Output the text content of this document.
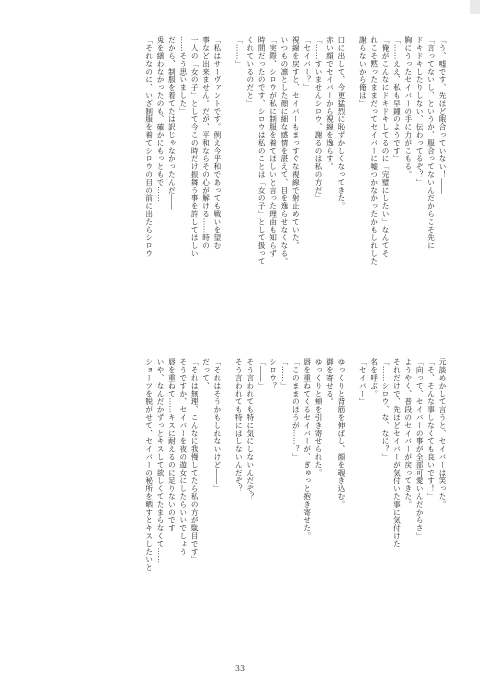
「う、嘘です、先ほど眠合っていない！――
「言ってないし、というか、服合ってないんだからこそ先に
ドキドキしたりしない、伝わってるぞ？」
胸にうったセイバーの手に力がこもる。
「……ええ、私も早鐘のようです」
「俺がこんなにドキドキしてるのに「完璧にしたい」なんてそ
れこそ黙ったままだってセイバーに嘘つかなかったかもしれした
謝らないから俺は」
口に出して、今更猛烈に恥ずかしくなってきた。
赤い顔でセイバーから視線を逸らす。
「……すいませんシロウ、謝るのは私の方だ」
「セイバー？」
視線を戻すと、セイバーもまっすぐな視線で射止めていた。
いつもの凛とした顔に細な感情を湛えて、目を逸らせなくなる。
「実際、シロウが私に制服を着てほしいと言った理由も知らず
時間だったのです、シロウは私のことは「女の子」として扱って
くれているのだと」
「……」
「私はサーヴァントです。例え今平和であっても戦いを望む
事など出来ません。だが、平和ならその心が解ける……時の
一人の「女の子」として今この時だけ振舞う事を許してほしい
……そう思いました」
だから、制服を着てたは訳じゃなかったんだ――
兎を繕わなかったのも、確かにもっともで……
「それなのに、いざ制服を着てシロウの目の前に出たらシロウ
元談めかして言うと、セイバーは笑った。
「そ、そんな事しなくても良いです！」
「向って、セイバーの事が全部可愛いんだからさ」
ようやく、普段のセイバーが戻ってきた。
それだけで、先ほどセイバーが気付いた事に気付けた
「……シロウ、な、なに？」
名を呼ぶ。
「セイバー」
ゆっくりと背筋を伸ばし、顔を覗き込む。
御を寄せる。
ゆっくりと頬を引き寄せられた。
唇を重ねてくるセイバーが、ぎゅっと抱き寄せた。
「このままのほうが……？」
「……」
シロウ？
「――」
そう言われても特に気にしないんだぞ？
そう言われても特にはしないんだぞ？
「それはそうかもしれないけど――」
だって、
「それは無理、こんなに我慢してたら私の方が駄目です」
そうですか、セイバーを夜の遊女にしたらいいでしょう
唇を重ねて……キスに耐えるのに足りないのです
いや、なんだかずっとキスして欲しくてたまらなくて……
ショーツを脱がせて、セイバーの秘所を晒すとキスしたいと
33
